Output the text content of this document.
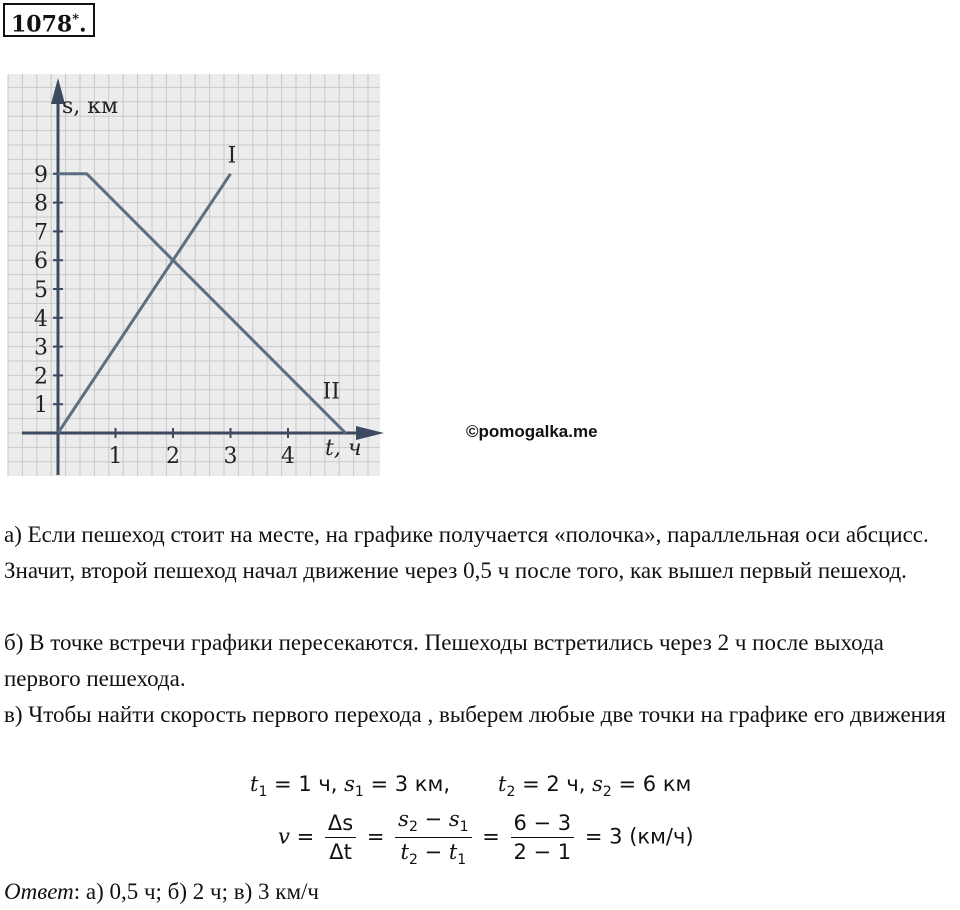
1078*.
1 2 3 4
1
2
3
4
5
6
7
8
9
I
II
s, км
t, ч
©pomogalka.me
а) Если пешеход стоит на месте, на графике получается «полочка», параллельная оси абсцисс. Значит, второй пешеход начал движение через 0,5 ч после того, как вышел первый пешеход.
б) В точке встречи графики пересекаются. Пешеходы встретились через 2 ч после выхода первого пешехода.
в) Чтобы найти скорость первого перехода , выберем любые две точки на графике его движения
$t_1 = 1$ ч, $s_1 = 3$ км, $t_2 = 2$ ч, $s_2 = 6$ км
$v = \frac{\Delta s}{\Delta t} = \frac{s_2 - s_1}{t_2 - t_1} = \frac{6 - 3}{2 - 1} = 3$ (км/ч)
Ответ: а) 0,5 ч; б) 2 ч; в) 3 км/ч
